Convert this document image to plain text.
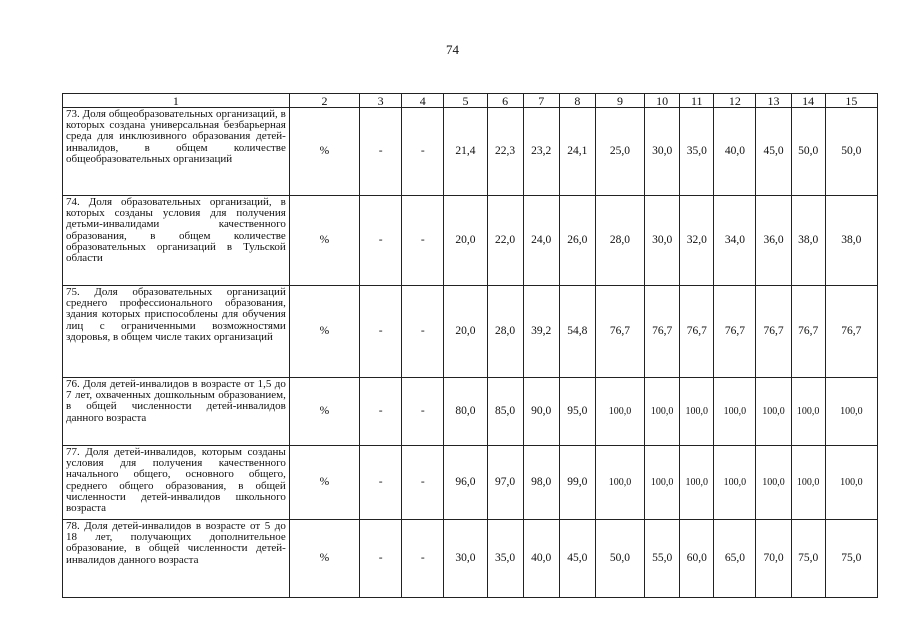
74
1	2	3	4	5	6	7	8	9	10	11	12	13	14	15
73. Доля общеобразовательных организаций, в которых создана универсальная безбарьерная среда для инклюзивного образования детей-инвалидов, в общем количестве общеобразовательных организаций	%	-	-	21,4	22,3	23,2	24,1	25,0	30,0	35,0	40,0	45,0	50,0	50,0
74. Доля образовательных организаций, в которых созданы условия для получения детьми-инвалидами качественного образования, в общем количестве образовательных организаций в Тульской области	%	-	-	20,0	22,0	24,0	26,0	28,0	30,0	32,0	34,0	36,0	38,0	38,0
75. Доля образовательных организаций среднего профессионального образования, здания которых приспособлены для обучения лиц с ограниченными возможностями здоровья, в общем числе таких организаций	%	-	-	20,0	28,0	39,2	54,8	76,7	76,7	76,7	76,7	76,7	76,7	76,7
76. Доля детей-инвалидов в возрасте от 1,5 до 7 лет, охваченных дошкольным образованием, в общей численности детей-инвалидов данного возраста	%	-	-	80,0	85,0	90,0	95,0	100,0	100,0	100,0	100,0	100,0	100,0	100,0
77. Доля детей-инвалидов, которым созданы условия для получения качественного начального общего, основного общего, среднего общего образования, в общей численности детей-инвалидов школьного возраста	%	-	-	96,0	97,0	98,0	99,0	100,0	100,0	100,0	100,0	100,0	100,0	100,0
78. Доля детей-инвалидов в возрасте от 5 до 18 лет, получающих дополнительное образование, в общей численности детей-инвалидов данного возраста	%	-	-	30,0	35,0	40,0	45,0	50,0	55,0	60,0	65,0	70,0	75,0	75,0
